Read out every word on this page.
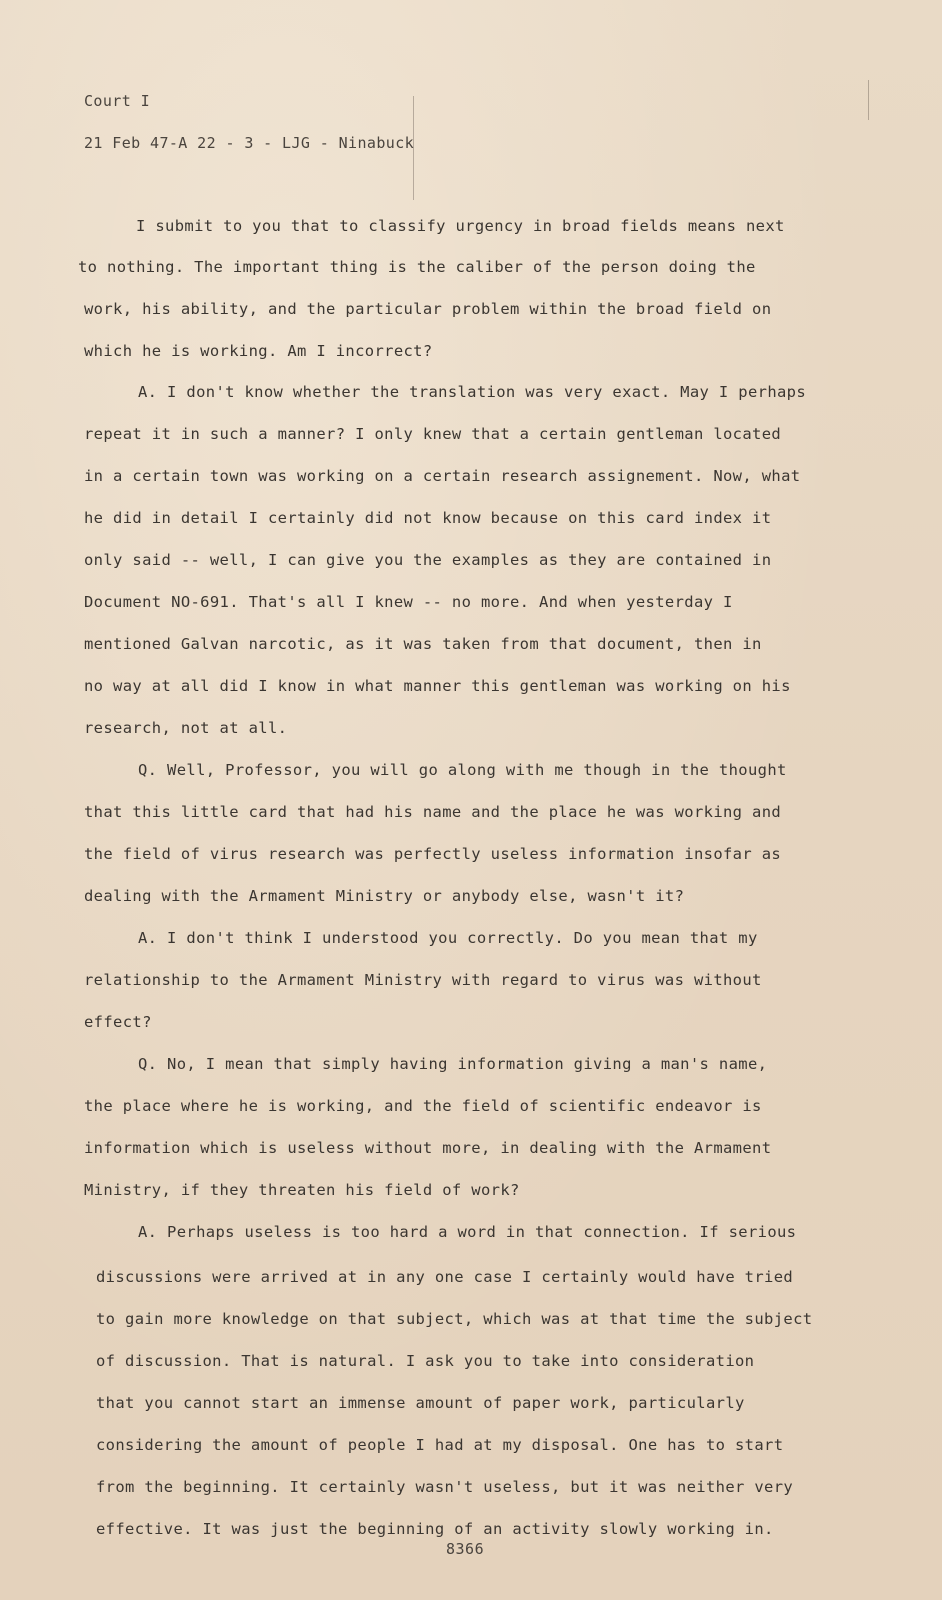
Court I
21 Feb 47-A 22 - 3 - LJG - Ninabuck
I submit to you that to classify urgency in broad fields means next
to nothing. The important thing is the caliber of the person doing the
work, his ability, and the particular problem within the broad field on
which he is working. Am I incorrect?
A. I don't know whether the translation was very exact. May I perhaps
repeat it in such a manner? I only knew that a certain gentleman located
in a certain town was working on a certain research assignement. Now, what
he did in detail I certainly did not know because on this card index it
only said -- well, I can give you the examples as they are contained in
Document NO-691. That's all I knew -- no more. And when yesterday I
mentioned Galvan narcotic, as it was taken from that document, then in
no way at all did I know in what manner this gentleman was working on his
research, not at all.
Q. Well, Professor, you will go along with me though in the thought
that this little card that had his name and the place he was working and
the field of virus research was perfectly useless information insofar as
dealing with the Armament Ministry or anybody else, wasn't it?
A. I don't think I understood you correctly. Do you mean that my
relationship to the Armament Ministry with regard to virus was without
effect?
Q. No, I mean that simply having information giving a man's name,
the place where he is working, and the field of scientific endeavor is
information which is useless without more, in dealing with the Armament
Ministry, if they threaten his field of work?
A. Perhaps useless is too hard a word in that connection. If serious
discussions were arrived at in any one case I certainly would have tried
to gain more knowledge on that subject, which was at that time the subject
of discussion. That is natural. I ask you to take into consideration
that you cannot start an immense amount of paper work, particularly
considering the amount of people I had at my disposal. One has to start
from the beginning. It certainly wasn't useless, but it was neither very
effective. It was just the beginning of an activity slowly working in.
8366
